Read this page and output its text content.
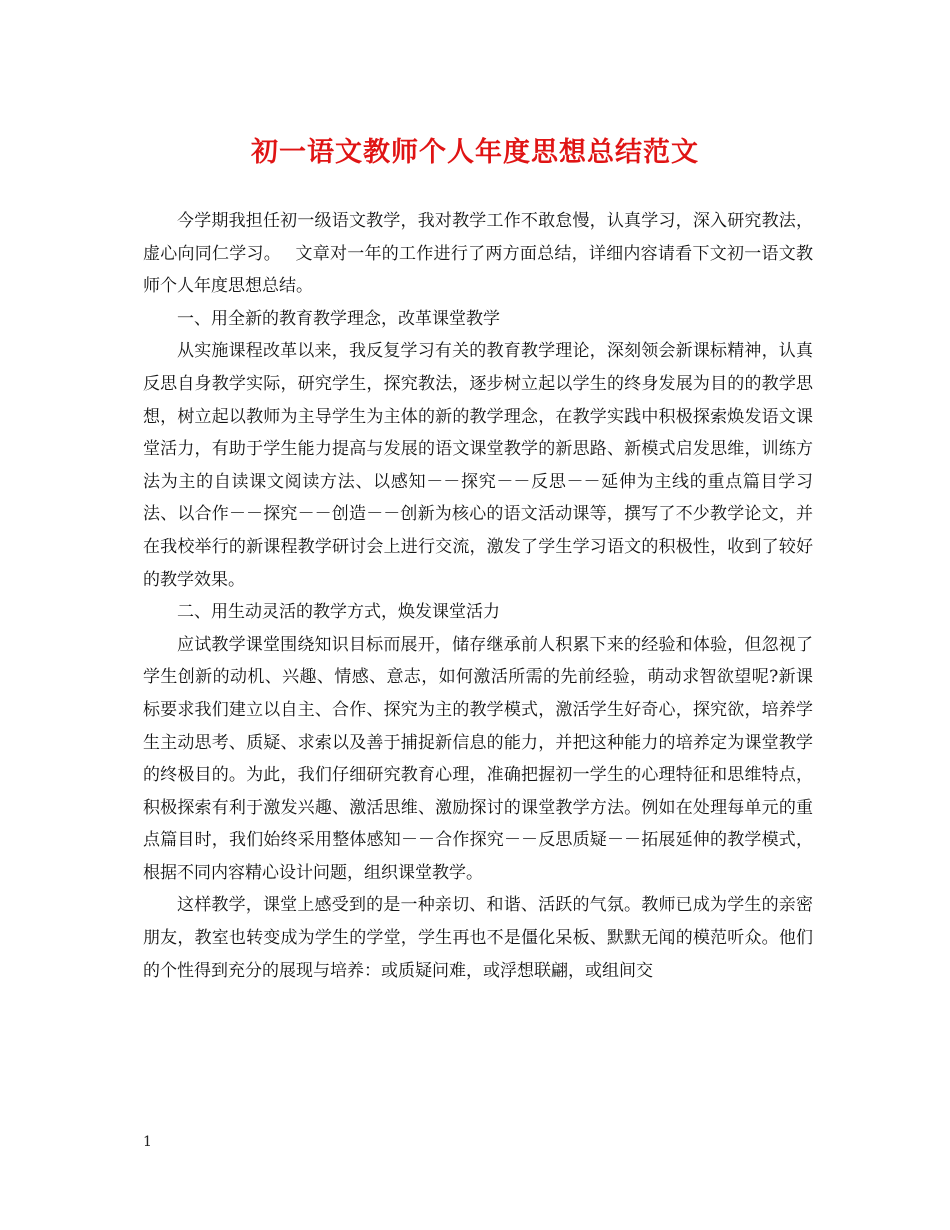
初一语文教师个人年度思想总结范文

今学期我担任初一级语文教学，我对教学工作不敢怠慢，认真学习，深入研究教法，虚心向同仁学习。　 文章对一年的工作进行了两方面总结，详细内容请看下文初一语文教师个人年度思想总结。

一、用全新的教育教学理念，改革课堂教学

从实施课程改革以来，我反复学习有关的教育教学理论，深刻领会新课标精神，认真反思自身教学实际，研究学生，探究教法，逐步树立起以学生的终身发展为目的的教学思想，树立起以教师为主导学生为主体的新的教学理念，在教学实践中积极探索焕发语文课堂活力，有助于学生能力提高与发展的语文课堂教学的新思路、新模式启发思维，训练方法为主的自读课文阅读方法、以感知－－探究－－反思－－延伸为主线的重点篇目学习法、以合作－－探究－－创造－－创新为核心的语文活动课等，撰写了不少教学论文，并在我校举行的新课程教学研讨会上进行交流，激发了学生学习语文的积极性，收到了较好的教学效果。

二、用生动灵活的教学方式，焕发课堂活力

应试教学课堂围绕知识目标而展开，储存继承前人积累下来的经验和体验，但忽视了学生创新的动机、兴趣、情感、意志，如何激活所需的先前经验，萌动求智欲望呢?新课标要求我们建立以自主、合作、探究为主的教学模式，激活学生好奇心，探究欲，培养学生主动思考、质疑、求索以及善于捕捉新信息的能力，并把这种能力的培养定为课堂教学的终极目的。为此，我们仔细研究教育心理，准确把握初一学生的心理特征和思维特点，积极探索有利于激发兴趣、激活思维、激励探讨的课堂教学方法。例如在处理每单元的重点篇目时，我们始终采用整体感知－－合作探究－－反思质疑－－拓展延伸的教学模式，根据不同内容精心设计问题，组织课堂教学。

这样教学，课堂上感受到的是一种亲切、和谐、活跃的气氛。教师已成为学生的亲密朋友，教室也转变成为学生的学堂，学生再也不是僵化呆板、默默无闻的模范听众。他们的个性得到充分的展现与培养：或质疑问难，或浮想联翩，或组间交

1
